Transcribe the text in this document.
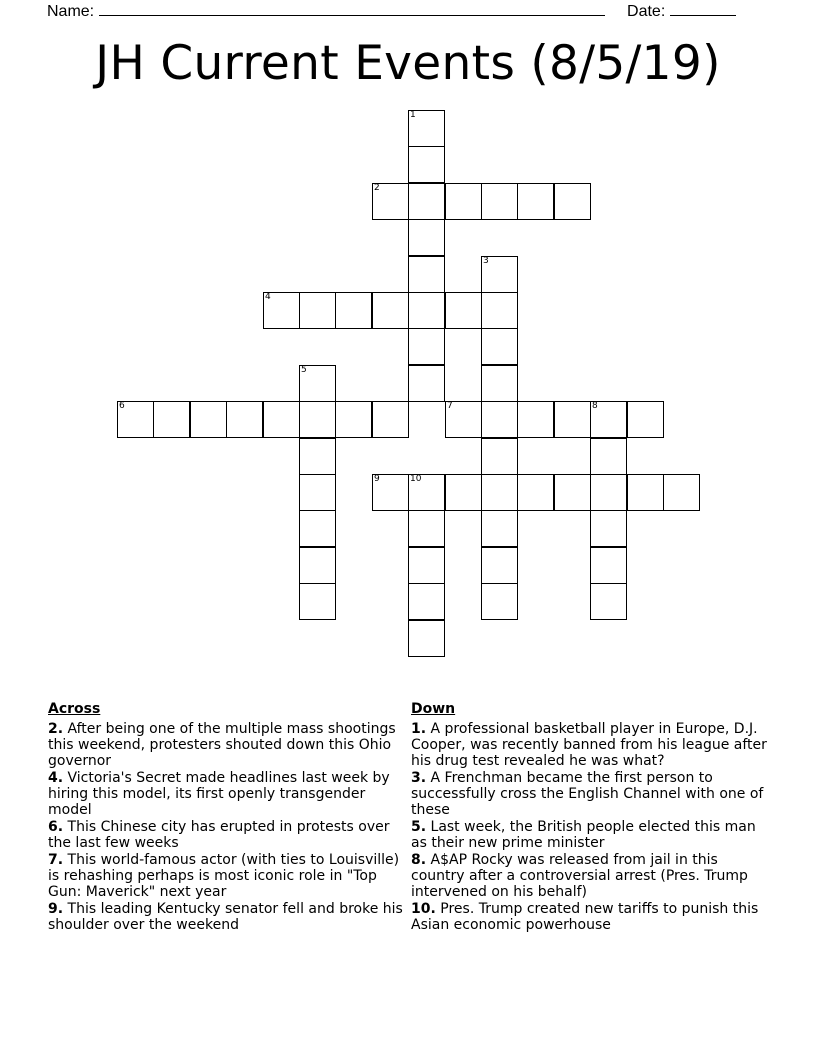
Name:	Date:
JH Current Events (8/5/19)
1
2
3
4
5
6	7	8
9	10
Across
2. After being one of the multiple mass shootings this weekend, protesters shouted down this Ohio governor
4. Victoria's Secret made headlines last week by hiring this model, its first openly transgender model
6. This Chinese city has erupted in protests over the last few weeks
7. This world-famous actor (with ties to Louisville) is rehashing perhaps is most iconic role in "Top Gun: Maverick" next year
9. This leading Kentucky senator fell and broke his shoulder over the weekend
Down
1. A professional basketball player in Europe, D.J. Cooper, was recently banned from his league after his drug test revealed he was what?
3. A Frenchman became the first person to successfully cross the English Channel with one of these
5. Last week, the British people elected this man as their new prime minister
8. A$AP Rocky was released from jail in this country after a controversial arrest (Pres. Trump intervened on his behalf)
10. Pres. Trump created new tariffs to punish this Asian economic powerhouse
